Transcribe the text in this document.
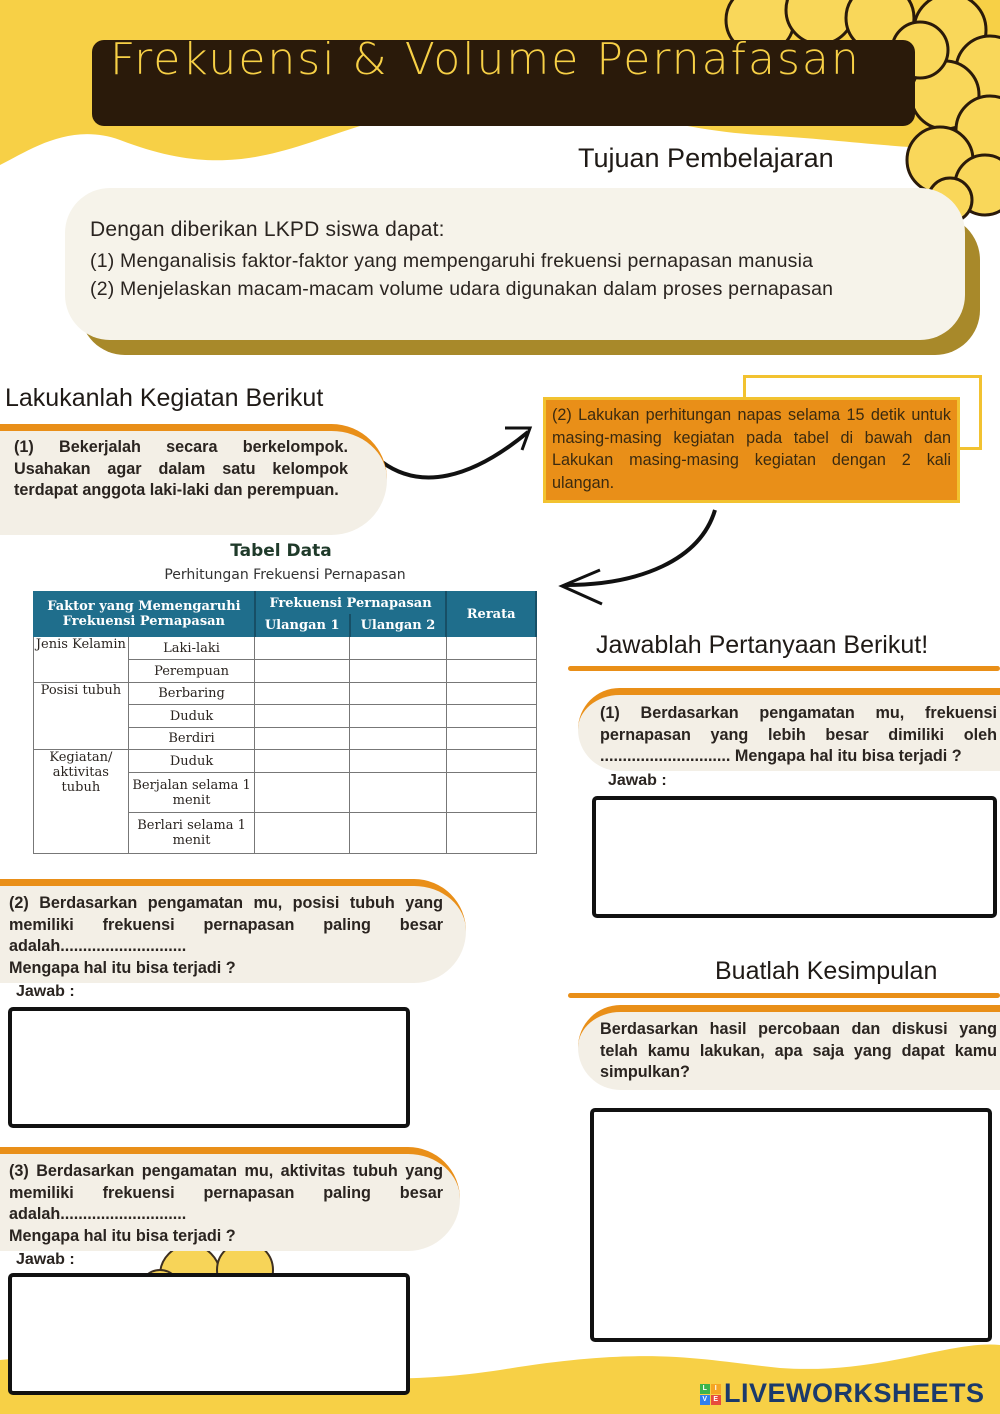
Frekuensi & Volume Pernafasan
Tujuan Pembelajaran
Dengan diberikan LKPD siswa dapat:
(1) Menganalisis faktor-faktor yang mempengaruhi frekuensi pernapasan manusia
(2) Menjelaskan macam-macam volume udara digunakan dalam proses pernapasan
Lakukanlah Kegiatan Berikut
(1) Bekerjalah secara berkelompok. Usahakan agar dalam satu kelompok terdapat anggota laki-laki dan perempuan.
(2) Lakukan perhitungan napas selama 15 detik untuk masing-masing kegiatan pada tabel di bawah dan Lakukan masing-masing kegiatan dengan 2 kali ulangan.
Tabel Data
Perhitungan Frekuensi Pernapasan
Faktor yang Memengaruhi Frekuensi Pernapasan		Frekuensi Pernapasan		Rerata
		Ulangan 1	Ulangan 2	
Jenis Kelamin	Laki-laki			
	Perempuan			
Posisi tubuh	Berbaring			
	Duduk			
	Berdiri			
Kegiatan/ aktivitas tubuh	Duduk			
	Berjalan selama 1 menit			
	Berlari selama 1 menit			
Jawablah Pertanyaan Berikut!
(1) Berdasarkan pengamatan mu, frekuensi pernapasan yang lebih besar dimiliki oleh ............................. Mengapa hal itu bisa terjadi ?
Jawab :
(2) Berdasarkan pengamatan mu, posisi tubuh yang memiliki frekuensi pernapasan paling besar adalah............................
Mengapa hal itu bisa terjadi ?
Jawab :
(3) Berdasarkan pengamatan mu, aktivitas tubuh yang memiliki frekuensi pernapasan paling besar adalah............................
Mengapa hal itu bisa terjadi ?
Jawab :
Buatlah Kesimpulan
Berdasarkan hasil percobaan dan diskusi yang telah kamu lakukan, apa saja yang dapat kamu simpulkan?
L	I
V E LIVEWORKSHEETS
